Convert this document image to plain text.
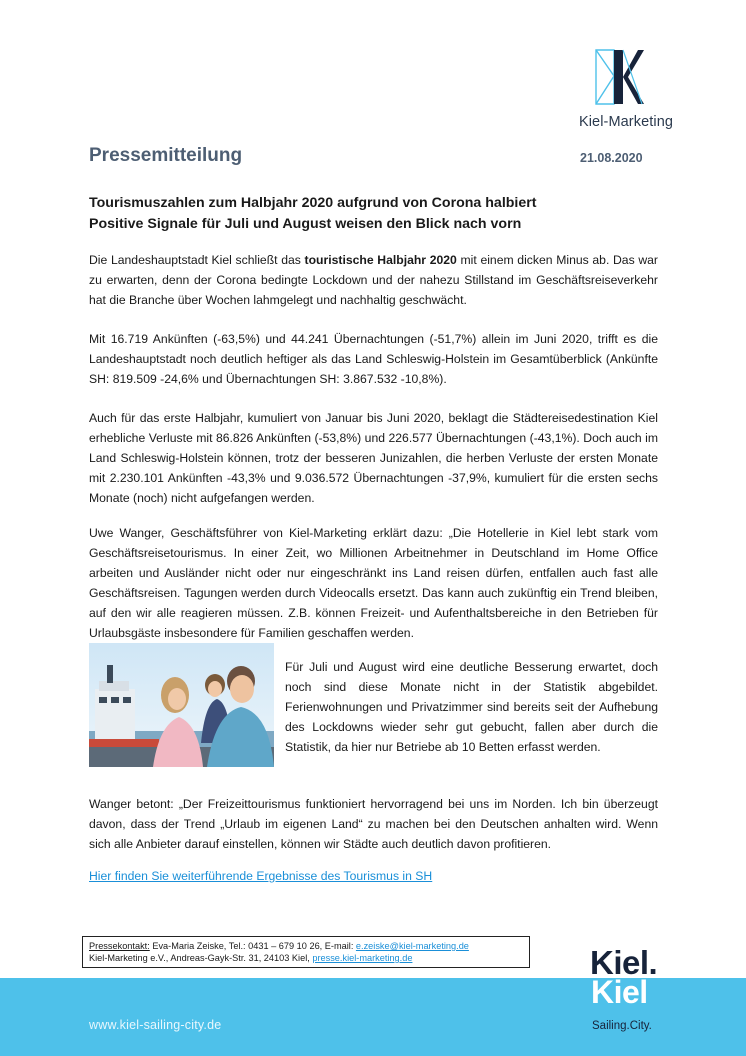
Kiel-Marketing
Pressemitteilung	21.08.2020
Tourismuszahlen zum Halbjahr 2020 aufgrund von Corona halbiert
Positive Signale für Juli und August weisen den Blick nach vorn

Die Landeshauptstadt Kiel schließt das touristische Halbjahr 2020 mit einem dicken Minus ab. Das war zu erwarten, denn der Corona bedingte Lockdown und der nahezu Stillstand im Geschäftsreiseverkehr hat die Branche über Wochen lahmgelegt und nachhaltig geschwächt.

Mit 16.719 Ankünften (-63,5%) und 44.241 Übernachtungen (-51,7%) allein im Juni 2020, trifft es die Landeshauptstadt noch deutlich heftiger als das Land Schleswig-Holstein im Gesamtüberblick (Ankünfte SH: 819.509 -24,6% und Übernachtungen SH: 3.867.532 -10,8%).

Auch für das erste Halbjahr, kumuliert von Januar bis Juni 2020, beklagt die Städtereisedestination Kiel erhebliche Verluste mit 86.826 Ankünften (-53,8%) und 226.577 Übernachtungen (-43,1%). Doch auch im Land Schleswig-Holstein können, trotz der besseren Junizahlen, die herben Verluste der ersten Monate mit 2.230.101 Ankünften -43,3% und 9.036.572 Übernachtungen -37,9%, kumuliert für die ersten sechs Monate (noch) nicht aufgefangen werden.

Uwe Wanger, Geschäftsführer von Kiel-Marketing erklärt dazu: „Die Hotellerie in Kiel lebt stark vom Geschäftsreisetourismus. In einer Zeit, wo Millionen Arbeitnehmer in Deutschland im Home Office arbeiten und Ausländer nicht oder nur eingeschränkt ins Land reisen dürfen, entfallen auch fast alle Geschäftsreisen. Tagungen werden durch Videocalls ersetzt. Das kann auch zukünftig ein Trend bleiben, auf den wir alle reagieren müssen. Z.B. können Freizeit- und Aufenthaltsbereiche in den Betrieben für Urlaubsgäste insbesondere für Familien geschaffen werden.

Für Juli und August wird eine deutliche Besserung erwartet, doch noch sind diese Monate nicht in der Statistik abgebildet. Ferienwohnungen und Privatzimmer sind bereits seit der Aufhebung des Lockdowns wieder sehr gut gebucht, fallen aber durch die Statistik, da hier nur Betriebe ab 10 Betten erfasst werden.

Wanger betont: „Der Freizeittourismus funktioniert hervorragend bei uns im Norden. Ich bin überzeugt davon, dass der Trend „Urlaub im eigenen Land“ zu machen bei den Deutschen anhalten wird. Wenn sich alle Anbieter darauf einstellen, können wir Städte auch deutlich davon profitieren.

Hier finden Sie weiterführende Ergebnisse des Tourismus in SH
Pressekontakt: Eva-Maria Zeiske, Tel.: 0431 – 679 10 26, E-mail: e.zeiske@kiel-marketing.de
Kiel-Marketing e.V., Andreas-Gayk-Str. 31, 24103 Kiel, presse.kiel-marketing.de
www.kiel-sailing-city.de
Kiel.
Kiel
Sailing.City.
